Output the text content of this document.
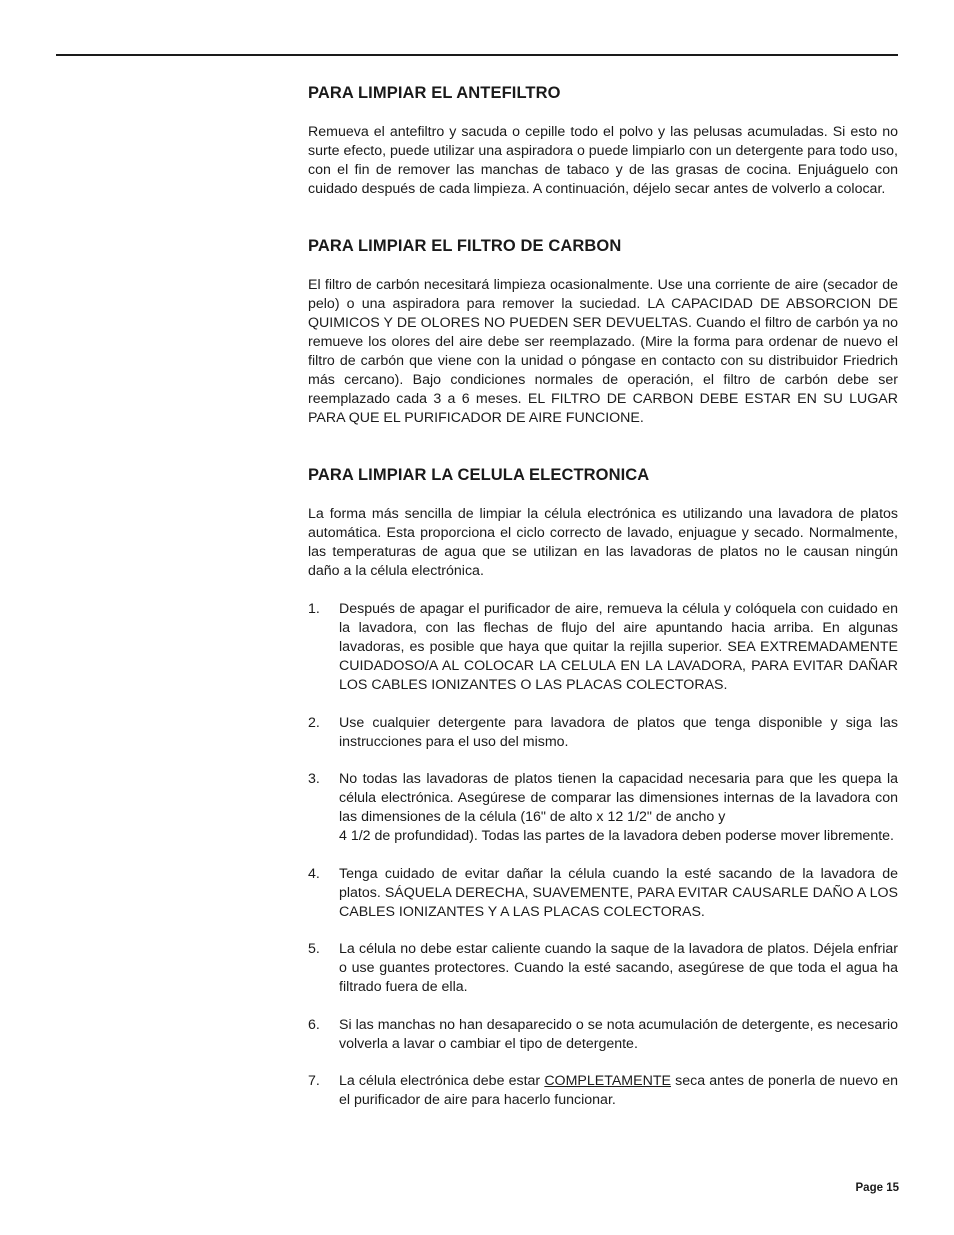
PARA LIMPIAR EL ANTEFILTRO

Remueva el antefiltro y sacuda o cepille todo el polvo y las pelusas acumuladas. Si esto no surte efecto, puede utilizar una aspiradora o puede limpiarlo con un detergente para todo uso, con el fin de remover las manchas de tabaco y de las grasas de cocina. Enjuáguelo con cuidado después de cada limpieza. A continuación, déjelo secar antes de volverlo a colocar.

PARA LIMPIAR EL FILTRO DE CARBON

El filtro de carbón necesitará limpieza ocasionalmente. Use una corriente de aire (secador de pelo) o una aspiradora para remover la suciedad. LA CAPACIDAD DE ABSORCION DE QUIMICOS Y DE OLORES NO PUEDEN SER DEVUELTAS. Cuando el filtro de carbón ya no remueve los olores del aire debe ser reemplazado. (Mire la forma para ordenar de nuevo el filtro de carbón que viene con la unidad o póngase en contacto con su distribuidor Friedrich más cercano). Bajo condiciones normales de operación, el filtro de carbón debe ser reemplazado cada 3 a 6 meses. EL FILTRO DE CARBON DEBE ESTAR EN SU LUGAR PARA QUE EL PURIFICADOR DE AIRE FUNCIONE.

PARA LIMPIAR LA CELULA ELECTRONICA

La forma más sencilla de limpiar la célula electrónica es utilizando una lavadora de platos automática. Esta proporciona el ciclo correcto de lavado, enjuague y secado. Normalmente, las temperaturas de agua que se utilizan en las lavadoras de platos no le causan ningún daño a la célula electrónica.

1. Después de apagar el purificador de aire, remueva la célula y colóquela con cuidado en la lavadora, con las flechas de flujo del aire apuntando hacia arriba. En algunas lavadoras, es posible que haya que quitar la rejilla superior. SEA EXTREMADAMENTE CUIDADOSO/A AL COLOCAR LA CELULA EN LA LAVADORA, PARA EVITAR DAÑAR LOS CABLES IONIZANTES O LAS PLACAS COLECTORAS.
2. Use cualquier detergente para lavadora de platos que tenga disponible y siga las instrucciones para el uso del mismo.
3. No todas las lavadoras de platos tienen la capacidad necesaria para que les quepa la célula electrónica. Asegúrese de comparar las dimensiones internas de la lavadora con las dimensiones de la célula (16" de alto x 12 1/2" de ancho y
4 1/2 de profundidad). Todas las partes de la lavadora deben poderse mover libremente.
4. Tenga cuidado de evitar dañar la célula cuando la esté sacando de la lavadora de platos. SÁQUELA DERECHA, SUAVEMENTE, PARA EVITAR CAUSARLE DAÑO A LOS CABLES IONIZANTES Y A LAS PLACAS COLECTORAS.
5. La célula no debe estar caliente cuando la saque de la lavadora de platos. Déjela enfriar o use guantes protectores. Cuando la esté sacando, asegúrese de que toda el agua ha filtrado fuera de ella.
6. Si las manchas no han desaparecido o se nota acumulación de detergente, es necesario volverla a lavar o cambiar el tipo de detergente.
7. La célula electrónica debe estar COMPLETAMENTE seca antes de ponerla de nuevo en el purificador de aire para hacerlo funcionar.
Page 15
